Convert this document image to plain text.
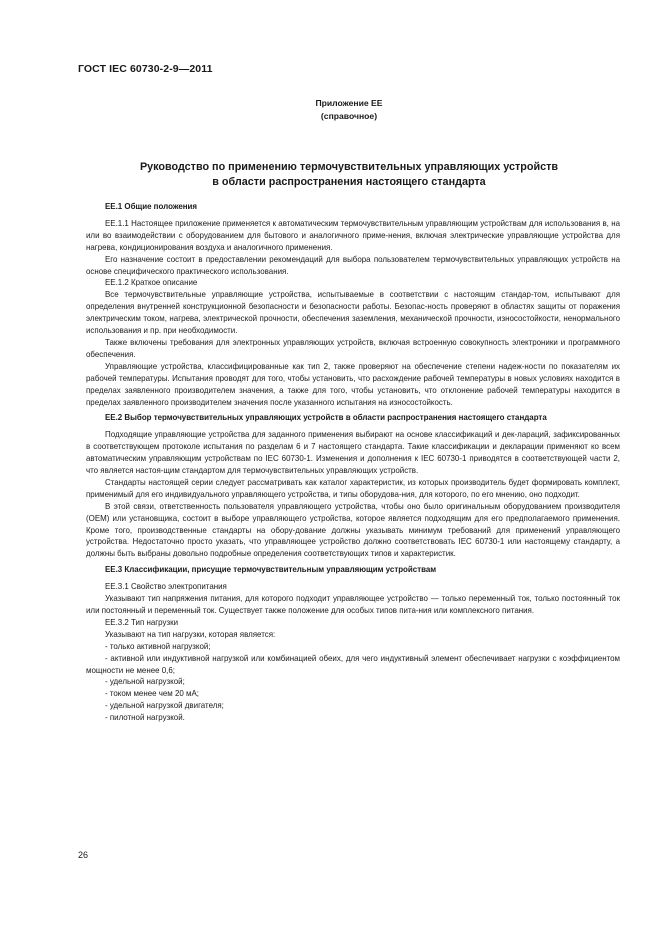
ГОСТ IEC 60730-2-9—2011
Приложение ЕЕ
(справочное)
Руководство по применению термочувствительных управляющих устройств
в области распространения настоящего стандарта

ЕЕ.1 Общие положения

ЕЕ.1.1 Настоящее приложение применяется к автоматическим термочувствительным управляющим устройствам для использования в, на или во взаимодействии с оборудованием для бытового и аналогичного приме-нения, включая электрические управляющие устройства для нагрева, кондиционирования воздуха и аналогичного применения.

Его назначение состоит в предоставлении рекомендаций для выбора пользователем термочувствительных управляющих устройств на основе специфического практического использования.

ЕЕ.1.2 Краткое описание

Все термочувствительные управляющие устройства, испытываемые в соответствии с настоящим стандар-том, испытывают для определения внутренней конструкционной безопасности и безопасности работы. Безопас-ность проверяют в областях защиты от поражения электрическим током, нагрева, электрической прочности, обеспечения заземления, механической прочности, износостойкости, ненормального использования и пр. при необходимости.

Также включены требования для электронных управляющих устройств, включая встроенную совокупность электроники и программного обеспечения.

Управляющие устройства, классифицированные как тип 2, также проверяют на обеспечение степени надеж-ности по показателям их рабочей температуры. Испытания проводят для того, чтобы установить, что расхождение рабочей температуры в новых условиях находится в пределах заявленного производителем значения, а также для того, чтобы установить, что отклонение рабочей температуры находится в пределах заявленного производителем значения после указанного испытания на износостойкость.

ЕЕ.2 Выбор термочувствительных управляющих устройств в области распространения настоящего стандарта

Подходящие управляющие устройства для заданного применения выбирают на основе классификаций и дек-лараций, зафиксированных в соответствующем протоколе испытания по разделам 6 и 7 настоящего стандарта. Такие классификации и декларации применяют ко всем автоматическим управляющим устройствам по IEC 60730-1. Изменения и дополнения к IEC 60730-1 приводятся в соответствующей части 2, что является настоя-щим стандартом для термочувствительных управляющих устройств.

Стандарты настоящей серии следует рассматривать как каталог характеристик, из которых производитель будет формировать комплект, применимый для его индивидуального управляющего устройства, и типы оборудова-ния, для которого, по его мнению, оно подходит.

В этой связи, ответственность пользователя управляющего устройства, чтобы оно было оригинальным оборудованием производителя (OEM) или установщика, состоит в выборе управляющего устройства, которое является подходящим для его предполагаемого применения. Кроме того, производственные стандарты на обору-дование должны указывать минимум требований для применений управляющего устройства. Недостаточно просто указать, что управляющее устройство должно соответствовать IEC 60730-1 или настоящему стандарту, а должны быть выбраны довольно подробные определения соответствующих типов и характеристик.

ЕЕ.3 Классификации, присущие термочувствительным управляющим устройствам

ЕЕ.3.1 Свойство электропитания

Указывают тип напряжения питания, для которого подходит управляющее устройство — только переменный ток, только постоянный ток или постоянный и переменный ток. Существует также положение для особых типов пита-ния или комплексного питания.

ЕЕ.3.2 Тип нагрузки

Указывают на тип нагрузки, которая является:

- только активной нагрузкой;

- активной или индуктивной нагрузкой или комбинацией обеих, для чего индуктивный элемент обеспечивает нагрузки с коэффициентом мощности не менее 0,6;

- удельной нагрузкой;

- током менее чем 20 мА;

- удельной нагрузкой двигателя;

- пилотной нагрузкой.

26
